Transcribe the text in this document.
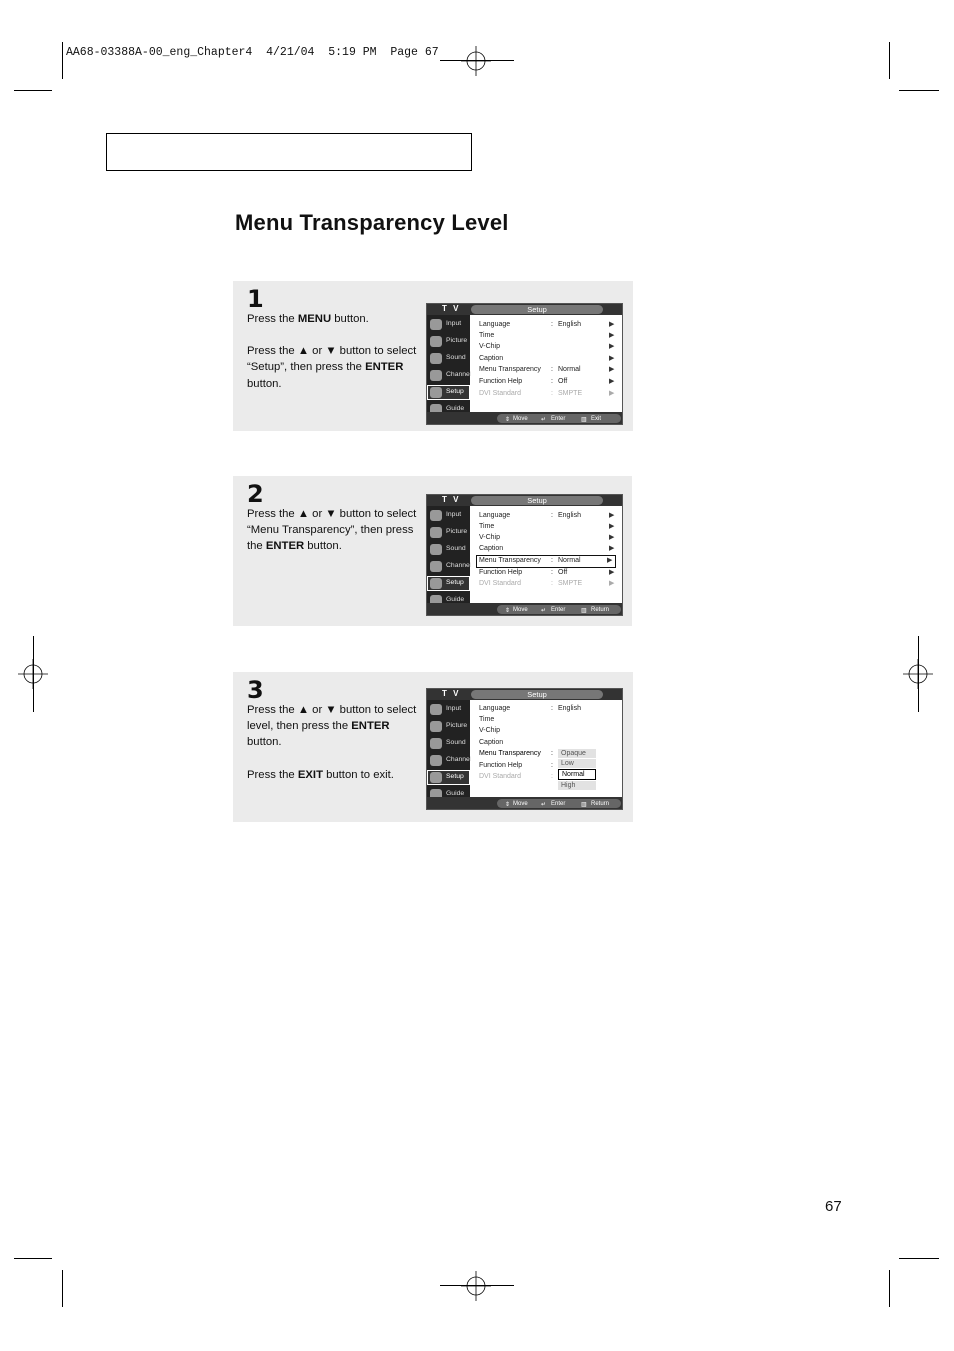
AA68-03388A-00_eng_Chapter4  4/21/04  5:19 PM  Page 67
Menu Transparency Level
1

Press the MENU button.

Press the ▲ or ▼ button to select “Setup”, then press the ENTER button.

T V	Setup
Input
Picture
Sound
Channel
Setup
Guide
Language	: English	▶
Time	▶
V-Chip	▶
Caption	▶
Menu Transparency : Normal	▶
Function Help	: Off	▶
DVI Standard	: SMPTE	▶
⇕ Move ↵ Enter	▥ Exit
2

Press the ▲ or ▼ button to select “Menu Transparency”, then press the ENTER button.

T V	Setup
Input
Picture
Sound
Channel
Setup
Guide
Language	: English	▶
Time	▶
V-Chip	▶
Caption	▶
Menu Transparency : Normal	▶
Function Help	: Off	▶
DVI Standard	: SMPTE	▶
⇕ Move ↵ Enter	▥ Return
3

Press the ▲ or ▼ button to select level, then press the ENTER button.

Press the EXIT button to exit.

T V	Setup
Input
Picture
Sound
Channel
Setup
Guide
Language	: English
Time
V-Chip
Caption
Menu Transparency :
Function Help	:
DVI Standard	:
Opaque
Low
Normal
High
⇕ Move ↵ Enter	▥ Return
67
